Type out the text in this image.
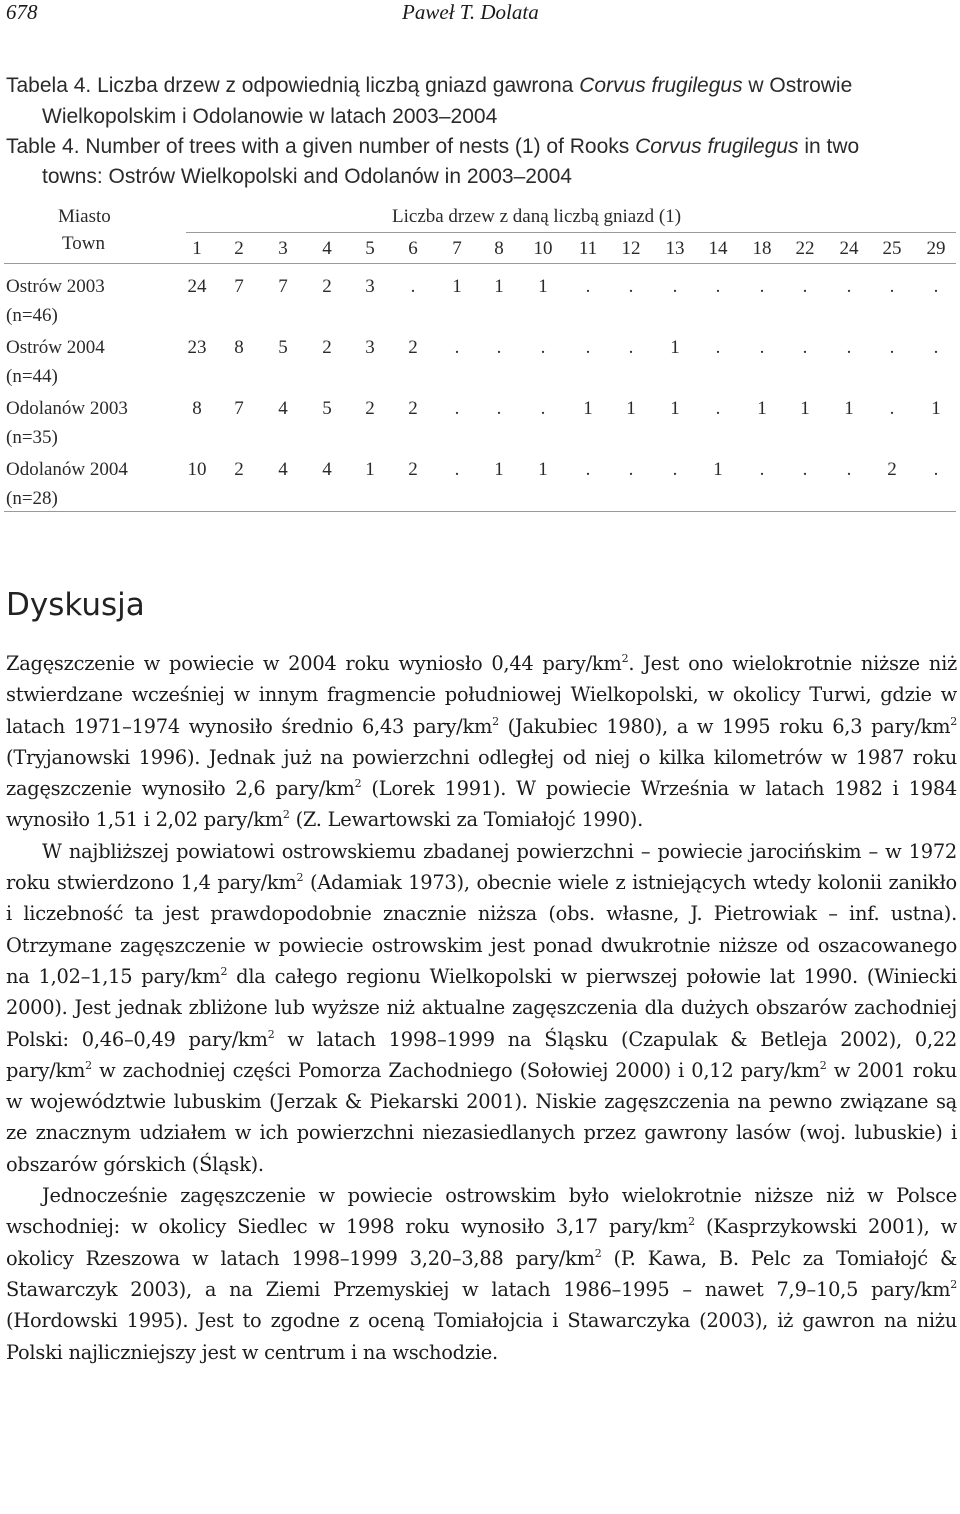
678	Paweł T. Dolata
Tabela 4. Liczba drzew z odpowiednią liczbą gniazd gawrona Corvus frugilegus w Ostrowie
Wielkopolskim i Odolanowie w latach 2003–2004
Table 4. Number of trees with a given number of nests (1) of Rooks Corvus frugilegus in two
towns: Ostrów Wielkopolski and Odolanów in 2003–2004
Miasto
Town
Liczba drzew z daną liczbą gniazd (1)
1	2	3	4	5	6	7	8	10	11	12	13	14	18	22	24	25	29
Ostrów 2003
(n=46)
24	7	7	2	3	.	1	1	1	.	.	.	.	.	.	.	.	.
Ostrów 2004
(n=44)
23	8	5	2	3	2	.	.	.	.	.	1	.	.	.	.	.	.
Odolanów 2003
(n=35)
8	7	4	5	2	2	.	.	.	1	1	1	.	1	1	1	.	1
Odolanów 2004
(n=28)
10	2	4	4	1	2	.	1	1	.	.	.	1	.	.	.	2	.
Dyskusja

Zagęszczenie w powiecie w 2004 roku wyniosło 0,44 pary/$km^2$. Jest ono wielokrotnie niższe niż stwierdzane wcześniej w innym fragmencie południowej Wielkopolski, w okolicy Turwi, gdzie w latach 1971–1974 wynosiło średnio 6,43 pary/$km^2$ (Jakubiec 1980), a w 1995 roku 6,3 pary/$km^2$ (Tryjanowski 1996). Jednak już na powierzchni odległej od niej o kilka kilometrów w 1987 roku zagęszczenie wynosiło 2,6 pary/$km^2$ (Lorek 1991). W powiecie Września w latach 1982 i 1984 wynosiło 1,51 i 2,02 pary/$km^2$ (Z. Lewartowski za Tomiałojć 1990).

W najbliższej powiatowi ostrowskiemu zbadanej powierzchni – powiecie jarocińskim – w 1972 roku stwierdzono 1,4 pary/$km^2$ (Adamiak 1973), obecnie wiele z istniejących wtedy kolonii zanikło i liczebność ta jest prawdopodobnie znacznie niższa (obs. własne, J. Pietrowiak – inf. ustna). Otrzymane zagęszczenie w powiecie ostrowskim jest ponad dwukrotnie niższe od oszacowanego na 1,02–1,15 pary/$km^2$ dla całego regionu Wielkopolski w pierwszej połowie lat 1990. (Winiecki 2000). Jest jednak zbliżone lub wyższe niż aktualne zagęszczenia dla dużych obszarów zachodniej Polski: 0,46–0,49 pary/$km^2$ w latach 1998–1999 na Śląsku (Czapulak & Betleja 2002), 0,22 pary/$km^2$ w zachodniej części Pomorza Zachodniego (Sołowiej 2000) i 0,12 pary/$km^2$ w 2001 roku w województwie lubuskim (Jerzak & Piekarski 2001). Niskie zagęszczenia na pewno związane są ze znacznym udziałem w ich powierzchni niezasiedlanych przez gawrony lasów (woj. lubuskie) i obszarów górskich (Śląsk).

Jednocześnie zagęszczenie w powiecie ostrowskim było wielokrotnie niższe niż w Polsce wschodniej: w okolicy Siedlec w 1998 roku wynosiło 3,17 pary/$km^2$ (Kasprzykowski 2001), w okolicy Rzeszowa w latach 1998–1999 3,20–3,88 pary/$km^2$ (P. Kawa, B. Pelc za Tomiałojć & Stawarczyk 2003), a na Ziemi Przemyskiej w latach 1986–1995 – nawet 7,9–10,5 pary/$km^2$ (Hordowski 1995). Jest to zgodne z oceną Tomiałojcia i Stawarczyka (2003), iż gawron na niżu Polski najliczniejszy jest w centrum i na wschodzie.
